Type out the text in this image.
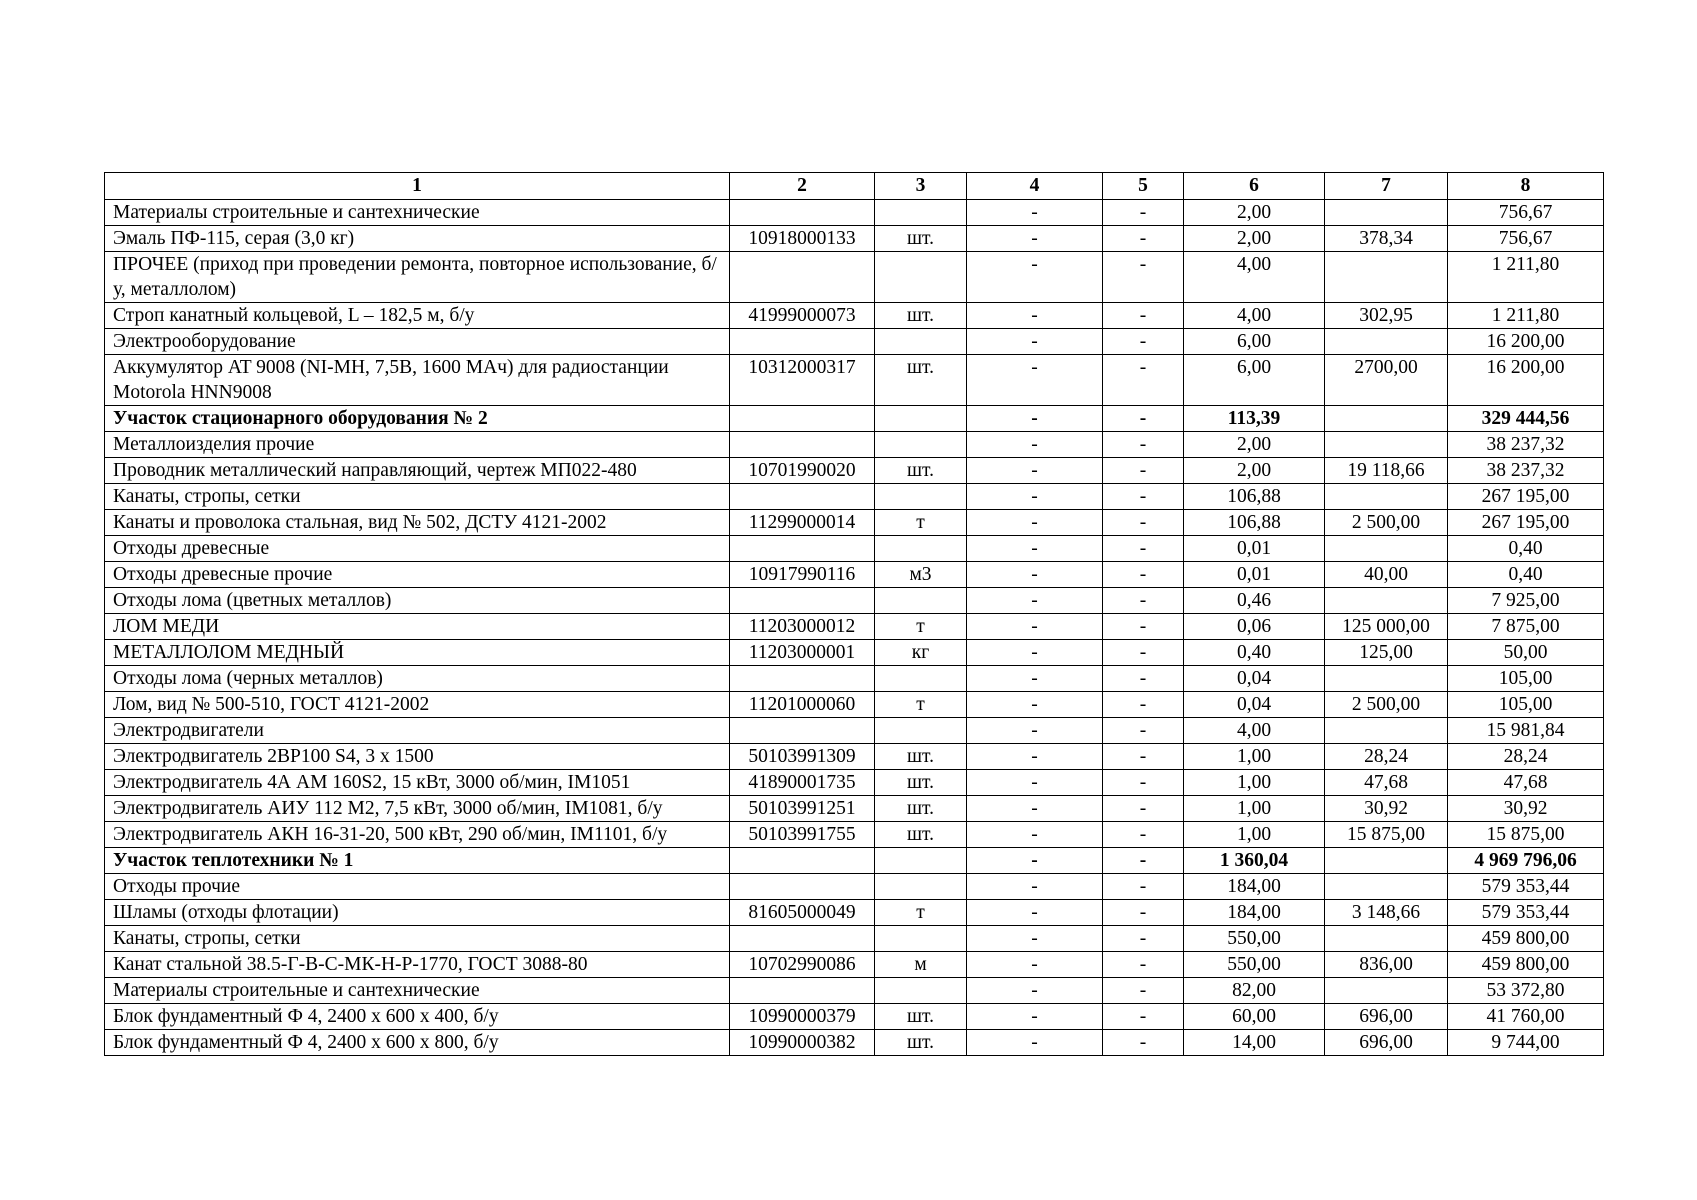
1	2	3	4	5	6	7	8
Материалы строительные и сантехнические			-	-	2,00		756,67
Эмаль ПФ-115, серая (3,0 кг)	10918000133	шт.	-	-	2,00	378,34	756,67
ПРОЧЕЕ (приход при проведении ремонта, повторное использование, б/у, металлолом)			-	-	4,00		1 211,80
Строп канатный кольцевой, L – 182,5 м, б/у	41999000073	шт.	-	-	4,00	302,95	1 211,80
Электрооборудование			-	-	6,00		16 200,00
Аккумулятор AT 9008 (NI-MH, 7,5В, 1600 МАч) для радиостанции Motorola HNN9008	10312000317	шт.	-	-	6,00	2700,00	16 200,00
Участок стационарного оборудования № 2			-	-	113,39		329 444,56
Металлоизделия прочие			-	-	2,00		38 237,32
Проводник металлический направляющий, чертеж МП022-480	10701990020	шт.	-	-	2,00	19 118,66	38 237,32
Канаты, стропы, сетки			-	-	106,88		267 195,00
Канаты и проволока стальная, вид № 502, ДСТУ 4121-2002	11299000014	т	-	-	106,88	2 500,00	267 195,00
Отходы древесные			-	-	0,01		0,40
Отходы древесные прочие	10917990116	м3	-	-	0,01	40,00	0,40
Отходы лома (цветных металлов)			-	-	0,46		7 925,00
ЛОМ МЕДИ	11203000012	т	-	-	0,06	125 000,00	7 875,00
МЕТАЛЛОЛОМ МЕДНЫЙ	11203000001	кг	-	-	0,40	125,00	50,00
Отходы лома (черных металлов)			-	-	0,04		105,00
Лом, вид № 500-510, ГОСТ 4121-2002	11201000060	т	-	-	0,04	2 500,00	105,00
Электродвигатели			-	-	4,00		15 981,84
Электродвигатель 2ВР100 S4, 3 х 1500	50103991309	шт.	-	-	1,00	28,24	28,24
Электродвигатель 4А АМ 160S2, 15 кВт, 3000 об/мин, IM1051	41890001735	шт.	-	-	1,00	47,68	47,68
Электродвигатель АИУ 112 М2, 7,5 кВт, 3000 об/мин, IM1081, б/у	50103991251	шт.	-	-	1,00	30,92	30,92
Электродвигатель АКН 16-31-20, 500 кВт, 290 об/мин, IM1101, б/у	50103991755	шт.	-	-	1,00	15 875,00	15 875,00
Участок теплотехники № 1			-	-	1 360,04		4 969 796,06
Отходы прочие			-	-	184,00		579 353,44
Шламы (отходы флотации)	81605000049	т	-	-	184,00	3 148,66	579 353,44
Канаты, стропы, сетки			-	-	550,00		459 800,00
Канат стальной 38.5-Г-В-С-МК-Н-Р-1770, ГОСТ 3088-80	10702990086	м	-	-	550,00	836,00	459 800,00
Материалы строительные и сантехнические			-	-	82,00		53 372,80
Блок фундаментный Ф 4, 2400 х 600 х 400, б/у	10990000379	шт.	-	-	60,00	696,00	41 760,00
Блок фундаментный Ф 4, 2400 х 600 х 800, б/у	10990000382	шт.	-	-	14,00	696,00	9 744,00
